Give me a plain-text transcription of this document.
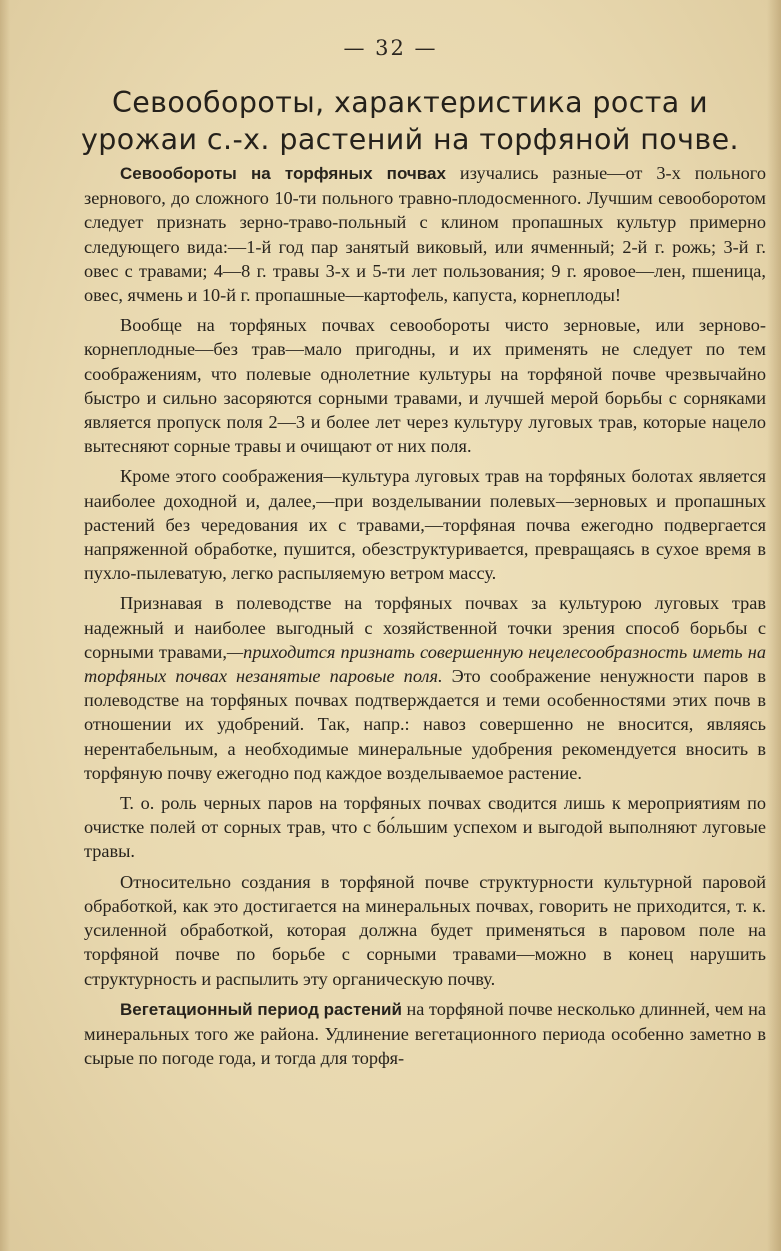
— 32 —
Севообороты, характеристика роста и урожаи с.-х. растений на торфяной почве.

Севообороты на торфяных почвах изучались разные—от 3-х польного зернового, до сложного 10-ти польного травно-плодосменного. Лучшим севооборотом следует признать зерно-траво-польный с клином пропашных культур примерно следующего вида:—1-й год пар занятый виковый, или ячменный; 2-й г. рожь; 3-й г. овес с травами; 4—8 г. травы 3-х и 5-ти лет пользования; 9 г. яровое—лен, пшеница, овес, ячмень и 10-й г. пропашные—картофель, капуста, корнеплоды!

Вообще на торфяных почвах севообороты чисто зерновые, или зерново-корнеплодные—без трав—мало пригодны, и их применять не следует по тем соображениям, что полевые однолетние культуры на торфяной почве чрезвычайно быстро и сильно засоряются сорными травами, и лучшей мерой борьбы с сорняками является пропуск поля 2—3 и более лет через культуру луговых трав, которые нацело вытесняют сорные травы и очищают от них поля.

Кроме этого соображения—культура луговых трав на торфяных болотах является наиболее доходной и, далее,—при возделывании полевых—зерновых и пропашных растений без чередования их с травами,—торфяная почва ежегодно подвергается напряженной обработке, пушится, обезструктуривается, превращаясь в сухое время в пухло-пылеватую, легко распыляемую ветром массу.

Признавая в полеводстве на торфяных почвах за культурою луговых трав надежный и наиболее выгодный с хозяйственной точки зрения способ борьбы с сорными травами,—приходится признать совершенную нецелесообразность иметь на торфяных почвах незанятые паровые поля. Это соображение ненужности паров в полеводстве на торфяных почвах подтверждается и теми особенностями этих почв в отношении их удобрений. Так, напр.: навоз совершенно не вносится, являясь нерентабельным, а необходимые минеральные удобрения рекомендуется вносить в торфяную почву ежегодно под каждое возделываемое растение.

Т. о. роль черных паров на торфяных почвах сводится лишь к мероприятиям по очистке полей от сорных трав, что с бо́льшим успехом и выгодой выполняют луговые травы.

Относительно создания в торфяной почве структурности культурной паровой обработкой, как это достигается на минеральных почвах, говорить не приходится, т. к. усиленной обработкой, которая должна будет применяться в паровом поле на торфяной почве по борьбе с сорными травами—можно в конец нарушить структурность и распылить эту органическую почву.

Вегетационный период растений на торфяной почве несколько длинней, чем на минеральных того же района. Удлинение вегетационного периода особенно заметно в сырые по погоде года, и тогда для торфя-
